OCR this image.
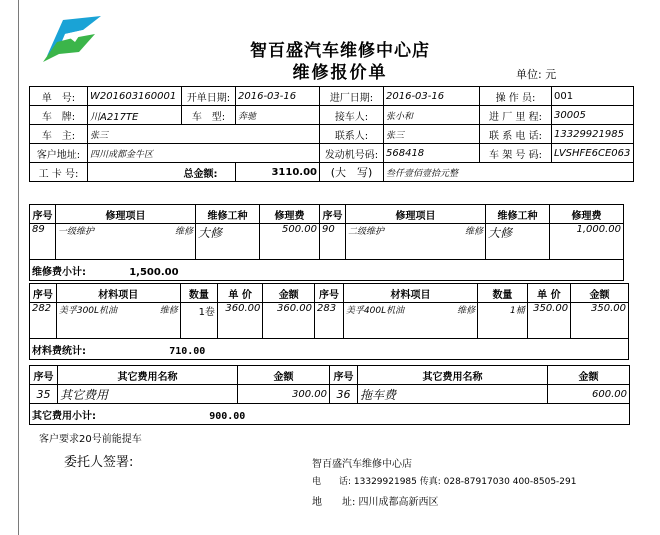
智百盛汽车维修中心店
维修报价单	单位: 元
单　号:	W201603160001	开单日期:	2016-03-16	进厂日期:	2016-03-16	操 作 员:	001
车　牌:	川A217TE	车　型:	奔驰	接车人:	张小和	进 厂 里 程:	30005
车　主:	张三			联系人:	张三	联 系 电 话:	13329921985
客户地址:	四川成都金牛区			发动机号码:	568418	车 架 号 码:	LVSHFE6CE063
工 卡 号:		总金额:	3110.00	(大　写)	叁仟壹佰壹拾元整		
序号	修理项目	维修工种	修理费	序号	修理项目	维修工种	修理费
89	一级维护 维修	大修	500.00	90	二级维护 维修	大修	1,000.00
维修费小计: 1,500.00							
序号	材料项目	数量	单 价	金额	序号	材料项目	数量	单 价	金额
282	美孚300L机油 维修	1卷	360.00	360.00	283	美孚400L机油 维修	1桶	350.00	350.00
材料费统计: 710.00									
序号	其它费用名称	金额	序号	其它费用名称	金额
35	其它费用	300.00	36	拖车费	600.00
其它费用小计: 900.00					
客户要求20号前能提车
委托人签署:	智百盛汽车维修中心店
电　　话: 13329921985 传真: 028-87917030 400-8505-291
地　　址: 四川成都高新西区
